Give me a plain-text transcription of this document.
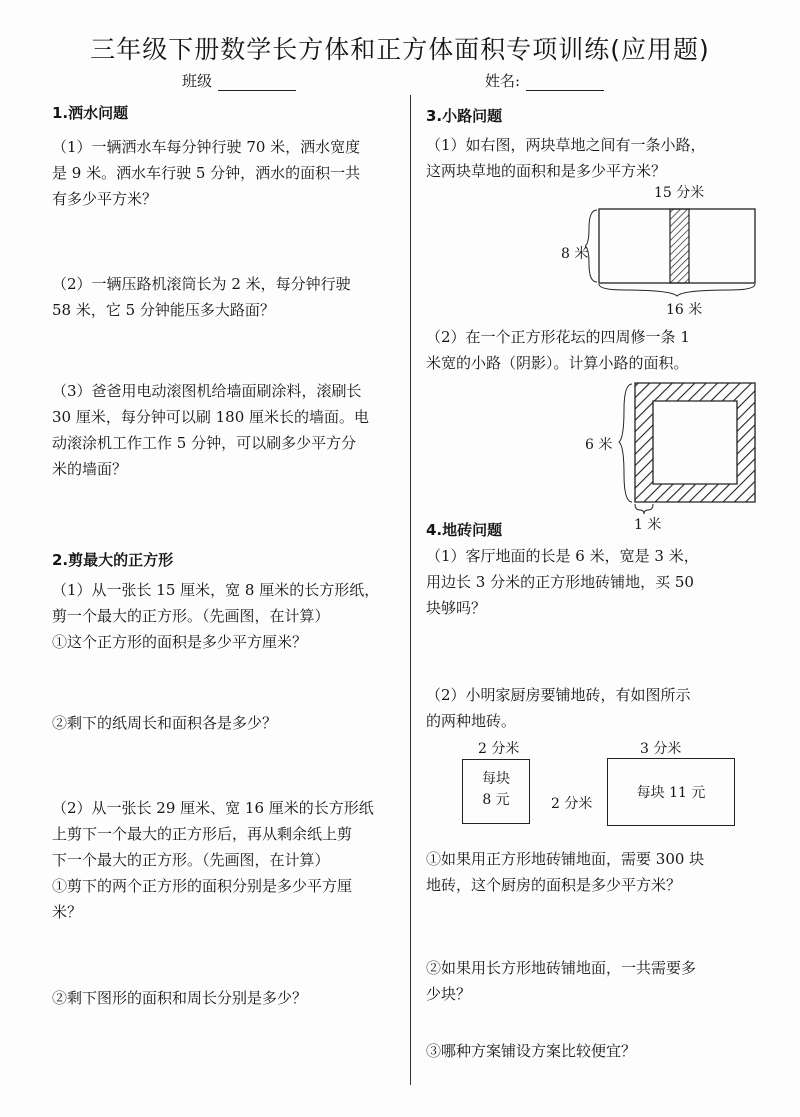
三年级下册数学长方体和正方体面积专项训练(应用题)
班级	姓名:
1.洒水问题
（1）一辆洒水车每分钟行驶 70 米，洒水宽度
是 9 米。洒水车行驶 5 分钟，洒水的面积一共
有多少平方米？
（2）一辆压路机滚筒长为 2 米，每分钟行驶
58 米，它 5 分钟能压多大路面？
（3）爸爸用电动滚图机给墙面刷涂料，滚刷长
30 厘米，每分钟可以刷 180 厘米长的墙面。电
动滚涂机工作工作 5 分钟，可以刷多少平方分
米的墙面？
2.剪最大的正方形
（1）从一张长 15 厘米，宽 8 厘米的长方形纸，
剪一个最大的正方形。（先画图，在计算）
①这个正方形的面积是多少平方厘米？
②剩下的纸周长和面积各是多少？
（2）从一张长 29 厘米、宽 16 厘米的长方形纸
上剪下一个最大的正方形后，再从剩余纸上剪
下一个最大的正方形。（先画图，在计算）
①剪下的两个正方形的面积分别是多少平方厘
米？
②剩下图形的面积和周长分别是多少？
3.小路问题
（1）如右图，两块草地之间有一条小路，
这两块草地的面积和是多少平方米？
15 分米
8 米
16 米
（2）在一个正方形花坛的四周修一条 1
米宽的小路（阴影）。计算小路的面积。
6 米
1 米
4.地砖问题
（1）客厅地面的长是 6 米，宽是 3 米，
用边长 3 分米的正方形地砖铺地，买 50
块够吗？
（2）小明家厨房要铺地砖，有如图所示
的两种地砖。
2 分米
每块
8 元	2 分米
3 分米
每块 11 元
①如果用正方形地砖铺地面，需要 300 块
地砖，这个厨房的面积是多少平方米？
②如果用长方形地砖铺地面，一共需要多
少块？
③哪种方案铺设方案比较便宜？
